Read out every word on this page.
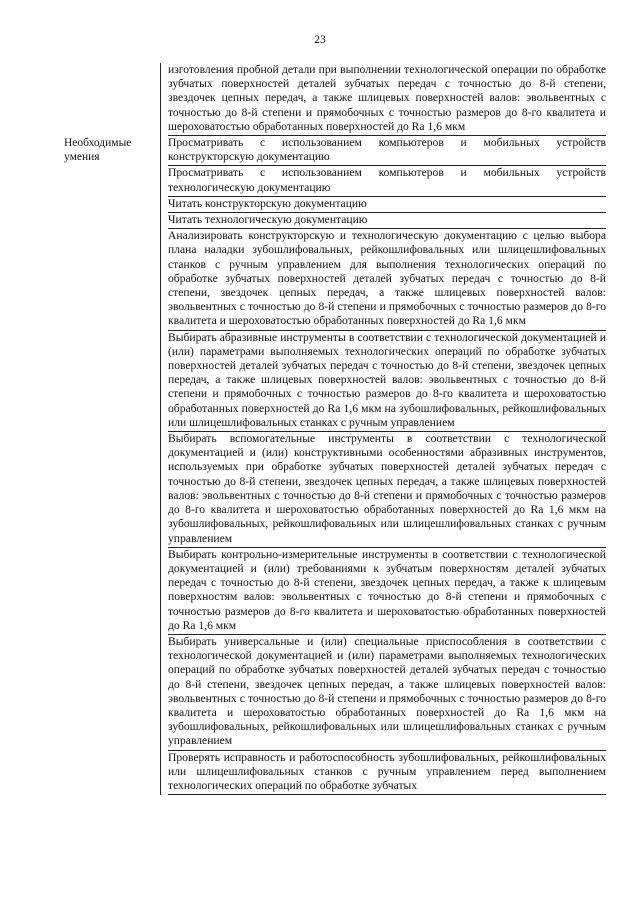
23
изготовления пробной детали при выполнении технологической операции по обработке зубчатых поверхностей деталей зубчатых передач с точностью до 8-й степени, звездочек цепных передач, а также шлицевых поверхностей валов: эвольвентных с точностью до 8-й степени и прямобочных с точностью размеров до 8-го квалитета и шероховатостью обработанных поверхностей до Ra 1,6 мкм
Необходимые умения
Просматривать с использованием компьютеров и мобильных устройств конструкторскую документацию
Просматривать с использованием компьютеров и мобильных устройств технологическую документацию
Читать конструкторскую документацию
Читать технологическую документацию
Анализировать конструкторскую и технологическую документацию с целью выбора плана наладки зубошлифовальных, рейкошлифовальных или шлицешлифовальных станков с ручным управлением для выполнения технологических операций по обработке зубчатых поверхностей деталей зубчатых передач с точностью до 8-й степени, звездочек цепных передач, а также шлицевых поверхностей валов: эвольвентных с точностью до 8-й степени и прямобочных с точностью размеров до 8-го квалитета и шероховатостью обработанных поверхностей до Ra 1,6 мкм
Выбирать абразивные инструменты в соответствии с технологической документацией и (или) параметрами выполняемых технологических операций по обработке зубчатых поверхностей деталей зубчатых передач с точностью до 8-й степени, звездочек цепных передач, а также шлицевых поверхностей валов: эвольвентных с точностью до 8-й степени и прямобочных с точностью размеров до 8-го квалитета и шероховатостью обработанных поверхностей до Ra 1,6 мкм на зубошлифовальных, рейкошлифовальных или шлицешлифовальных станках с ручным управлением
Выбирать вспомогательные инструменты в соответствии с технологической документацией и (или) конструктивными особенностями абразивных инструментов, используемых при обработке зубчатых поверхностей деталей зубчатых передач с точностью до 8-й степени, звездочек цепных передач, а также шлицевых поверхностей валов: эвольвентных с точностью до 8-й степени и прямобочных с точностью размеров до 8-го квалитета и шероховатостью обработанных поверхностей до Ra 1,6 мкм на зубошлифовальных, рейкошлифовальных или шлицешлифовальных станках с ручным управлением
Выбирать контрольно-измерительные инструменты в соответствии с технологической документацией и (или) требованиями к зубчатым поверхностям деталей зубчатых передач с точностью до 8-й степени, звездочек цепных передач, а также к шлицевым поверхностям валов: эвольвентных с точностью до 8-й степени и прямобочных с точностью размеров до 8-го квалитета и шероховатостью обработанных поверхностей до Ra 1,6 мкм
Выбирать универсальные и (или) специальные приспособления в соответствии с технологической документацией и (или) параметрами выполняемых технологических операций по обработке зубчатых поверхностей деталей зубчатых передач с точностью до 8-й степени, звездочек цепных передач, а также шлицевых поверхностей валов: эвольвентных с точностью до 8-й степени и прямобочных с точностью размеров до 8-го квалитета и шероховатостью обработанных поверхностей до Ra 1,6 мкм на зубошлифовальных, рейкошлифовальных или шлицешлифовальных станках с ручным управлением
Проверять исправность и работоспособность зубошлифовальных, рейкошлифовальных или шлицешлифовальных станков с ручным управлением перед выполнением технологических операций по обработке зубчатых
